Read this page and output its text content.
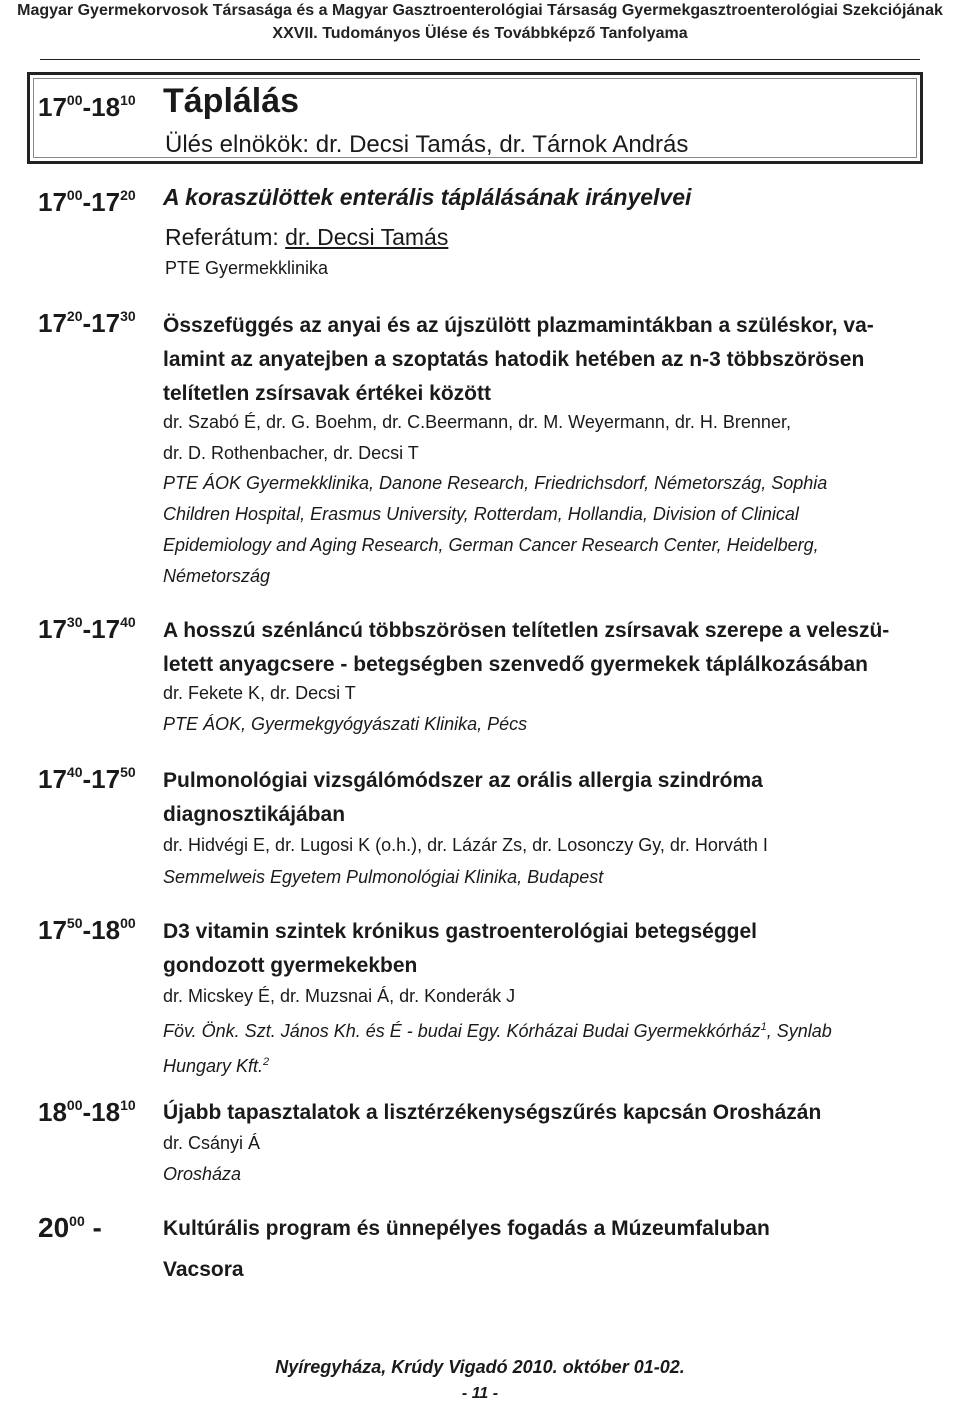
Magyar Gyermekorvosok Társasága és a Magyar Gasztroenterológiai Társaság Gyermekgasztroenterológiai Szekciójának
XXVII. Tudományos Ülése és Továbbképző Tanfolyama
$17^{00}-18^{10}$ Táplálás
Ülés elnökök: dr. Decsi Tamás, dr. Tárnok András
$17^{00}-17^{20}$ A koraszülöttek enterális táplálásának irányelvei
Referátum: dr. Decsi Tamás
PTE Gyermekklinika
$17^{20}-17^{30}$ Összefüggés az anyai és az újszülött plazmamintákban a szüléskor, va-
lamint az anyatejben a szoptatás hatodik hetében az n-3 többszörösen
telítetlen zsírsavak értékei között
dr. Szabó É, dr. G. Boehm, dr. C.Beermann, dr. M. Weyermann, dr. H. Brenner,
dr. D. Rothenbacher, dr. Decsi T
PTE ÁOK Gyermekklinika, Danone Research, Friedrichsdorf, Németország, Sophia
Children Hospital, Erasmus University, Rotterdam, Hollandia, Division of Clinical
Epidemiology and Aging Research, German Cancer Research Center, Heidelberg,
Németország
$17^{30}-17^{40}$ A hosszú szénláncú többszörösen telítetlen zsírsavak szerepe a veleszü-
letett anyagcsere - betegségben szenvedő gyermekek táplálkozásában
dr. Fekete K, dr. Decsi T
PTE ÁOK, Gyermekgyógyászati Klinika, Pécs
$17^{40}-17^{50}$ Pulmonológiai vizsgálómódszer az orális allergia szindróma
diagnosztikájában
dr. Hidvégi E, dr. Lugosi K (o.h.), dr. Lázár Zs, dr. Losonczy Gy, dr. Horváth I
Semmelweis Egyetem Pulmonológiai Klinika, Budapest
$17^{50}-18^{00}$ D3 vitamin szintek krónikus gastroenterológiai betegséggel
gondozott gyermekekben
dr. Micskey É, dr. Muzsnai Á, dr. Konderák J
Föv. Önk. Szt. János Kh. és É - budai Egy. Kórházai Budai Gyermekkórház$^1$, Synlab
Hungary Kft.$^2$
$18^{00}-18^{10}$ Újabb tapasztalatok a lisztérzékenységszűrés kapcsán Orosházán
dr. Csányi Á
Orosháza
$20^{00}$ -	Kultúrális program és ünnepélyes fogadás a Múzeumfaluban
Vacsora
Nyíregyháza, Krúdy Vigadó 2010. október 01-02.
- 11 -
